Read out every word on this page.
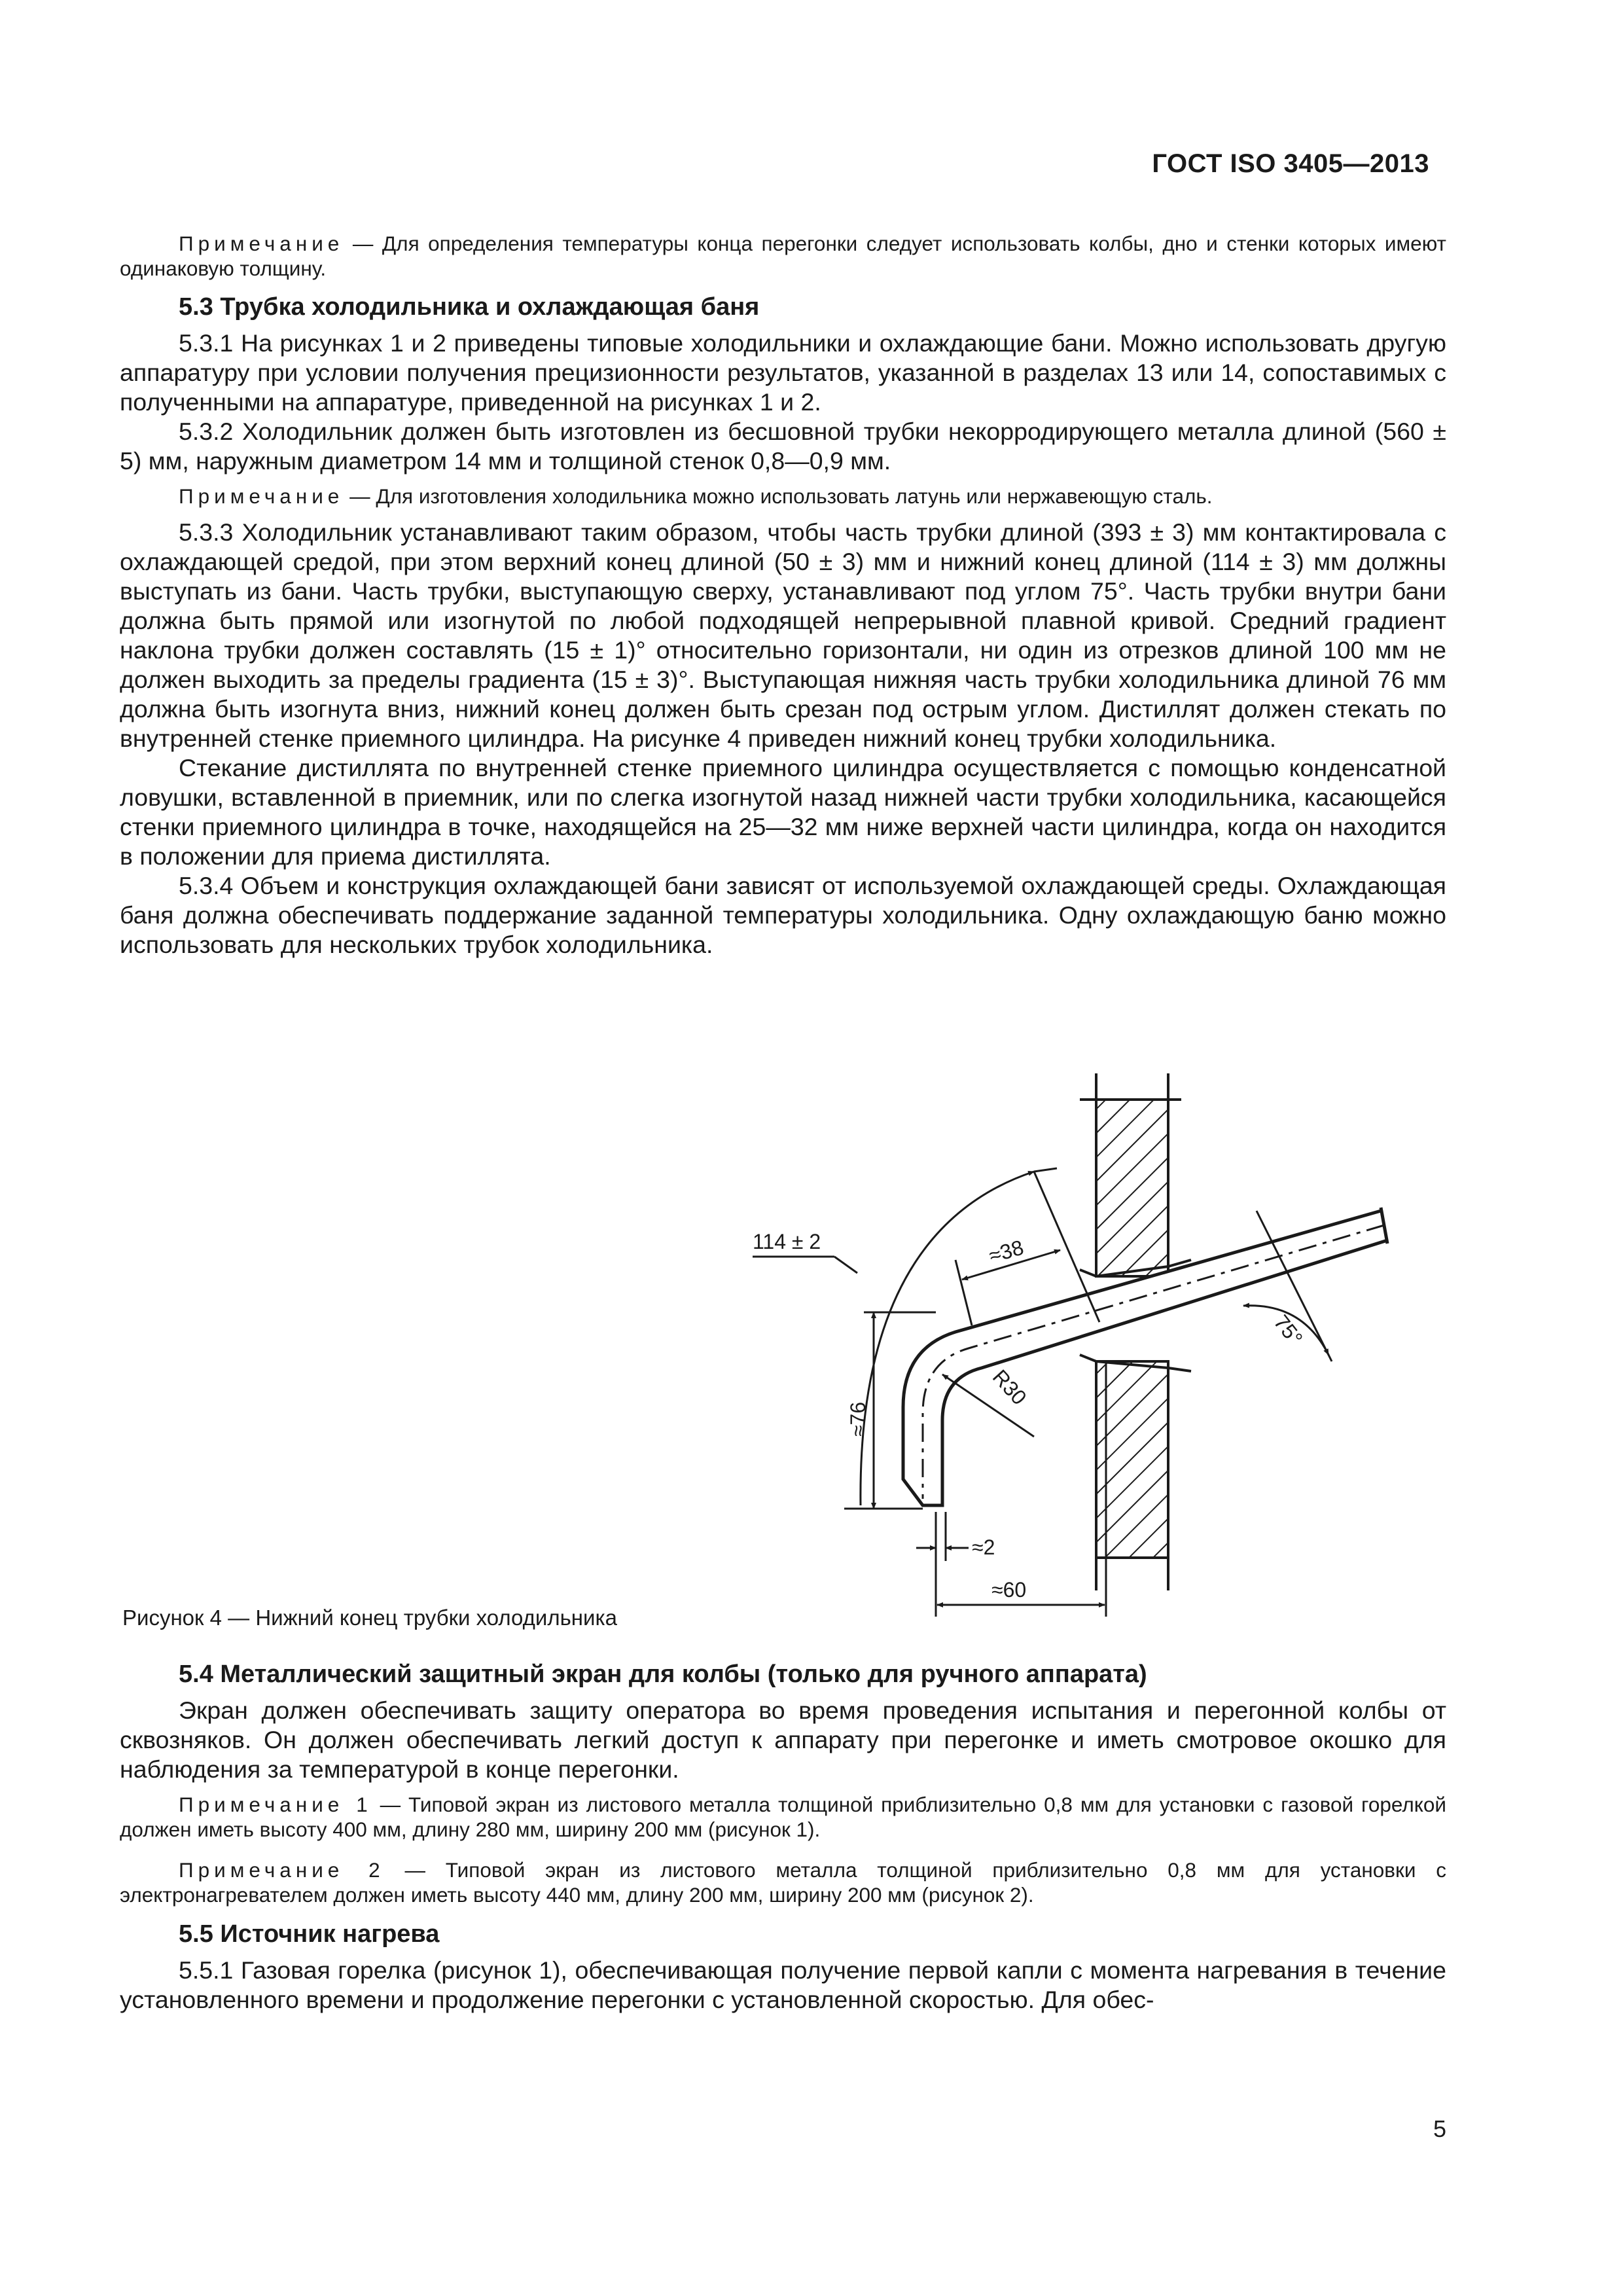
ГОСТ ISO 3405—2013

Примечание — Для определения температуры конца перегонки следует использовать колбы, дно и стенки которых имеют одинаковую толщину.

5.3 Трубка холодильника и охлаждающая баня

5.3.1 На рисунках 1 и 2 приведены типовые холодильники и охлаждающие бани. Можно использовать другую аппаратуру при условии получения прецизионности результатов, указанной в разделах 13 или 14, сопоставимых с полученными на аппаратуре, приведенной на рисунках 1 и 2.

5.3.2 Холодильник должен быть изготовлен из бесшовной трубки некорродирующего металла длиной (560 ± 5) мм, наружным диаметром 14 мм и толщиной стенок 0,8—0,9 мм.

Примечание — Для изготовления холодильника можно использовать латунь или нержавеющую сталь.

5.3.3 Холодильник устанавливают таким образом, чтобы часть трубки длиной (393 ± 3) мм контактировала с охлаждающей средой, при этом верхний конец длиной (50 ± 3) мм и нижний конец длиной (114 ± 3) мм должны выступать из бани. Часть трубки, выступающую сверху, устанавливают под углом 75°. Часть трубки внутри бани должна быть прямой или изогнутой по любой подходящей непрерывной плавной кривой. Средний градиент наклона трубки должен составлять (15 ± 1)° относительно горизонтали, ни один из отрезков длиной 100 мм не должен выходить за пределы градиента (15 ± 3)°. Выступающая нижняя часть трубки холодильника длиной 76 мм должна быть изогнута вниз, нижний конец должен быть срезан под острым углом. Дистиллят должен стекать по внутренней стенке приемного цилиндра. На рисунке 4 приведен нижний конец трубки холодильника.

Стекание дистиллята по внутренней стенке приемного цилиндра осуществляется с помощью конденсатной ловушки, вставленной в приемник, или по слегка изогнутой назад нижней части трубки холодильника, касающейся стенки приемного цилиндра в точке, находящейся на 25—32 мм ниже верхней части цилиндра, когда он находится в положении для приема дистиллята.

5.3.4 Объем и конструкция охлаждающей бани зависят от используемой охлаждающей среды. Охлаждающая баня должна обеспечивать поддержание заданной температуры холодильника. Одну охлаждающую баню можно использовать для нескольких трубок холодильника.

114 ± 2	≈38
≈76
R30
75°
≈2
≈60
Рисунок 4 — Нижний конец трубки холодильника

5.4 Металлический защитный экран для колбы (только для ручного аппарата)

Экран должен обеспечивать защиту оператора во время проведения испытания и перегонной колбы от сквозняков. Он должен обеспечивать легкий доступ к аппарату при перегонке и иметь смотровое окошко для наблюдения за температурой в конце перегонки.

Примечание 1 — Типовой экран из листового металла толщиной приблизительно 0,8 мм для установки с газовой горелкой должен иметь высоту 400 мм, длину 280 мм, ширину 200 мм (рисунок 1).

Примечание 2 — Типовой экран из листового металла толщиной приблизительно 0,8 мм для установки с электронагревателем должен иметь высоту 440 мм, длину 200 мм, ширину 200 мм (рисунок 2).

5.5 Источник нагрева

5.5.1 Газовая горелка (рисунок 1), обеспечивающая получение первой капли с момента нагревания в течение установленного времени и продолжение перегонки с установленной скоростью. Для обес-

5
